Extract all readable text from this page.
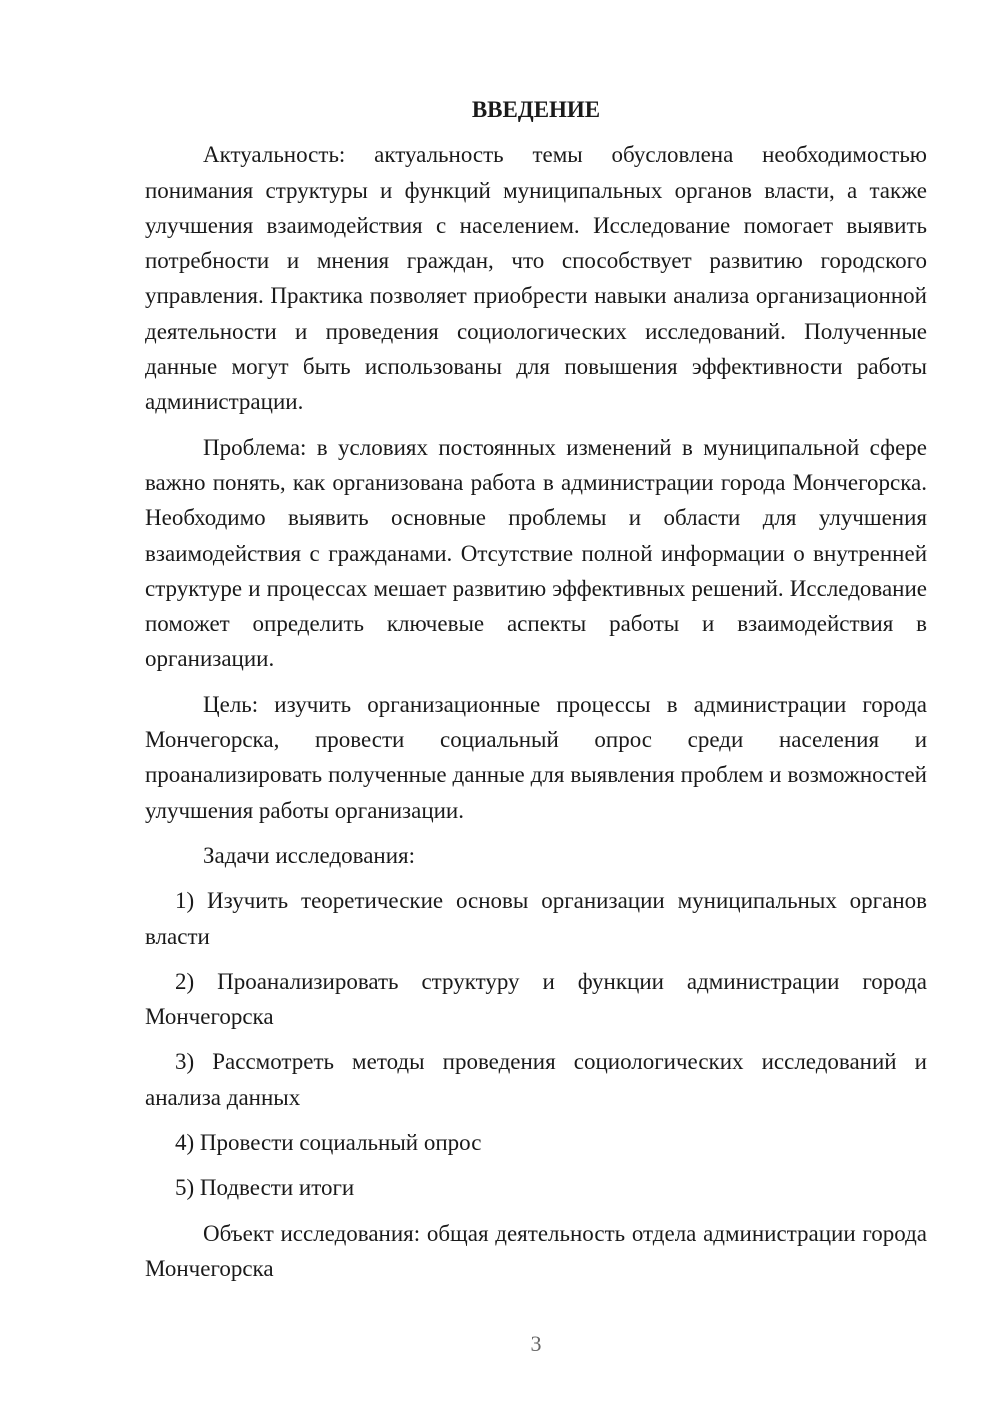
ВВЕДЕНИЕ

Актуальность: актуальность темы обусловлена необходимостью понимания структуры и функций муниципальных органов власти, а также улучшения взаимодействия с населением. Исследование помогает выявить потребности и мнения граждан, что способствует развитию городского управления. Практика позволяет приобрести навыки анализа организационной деятельности и проведения социологических исследований. Полученные данные могут быть использованы для повышения эффективности работы администрации.

Проблема: в условиях постоянных изменений в муниципальной сфере важно понять, как организована работа в администрации города Мончегорска. Необходимо выявить основные проблемы и области для улучшения взаимодействия с гражданами. Отсутствие полной информации о внутренней структуре и процессах мешает развитию эффективных решений. Исследование поможет определить ключевые аспекты работы и взаимодействия в организации.

Цель: изучить организационные процессы в администрации города Мончегорска, провести социальный опрос среди населения и проанализировать полученные данные для выявления проблем и возможностей улучшения работы организации.

Задачи исследования:

1) Изучить теоретические основы организации муниципальных органов власти

2) Проанализировать структуру и функции администрации города Мончегорска

3) Рассмотреть методы проведения социологических исследований и анализа данных

4) Провести социальный опрос

5) Подвести итоги

Объект исследования: общая деятельность отдела администрации города Мончегорска

3
